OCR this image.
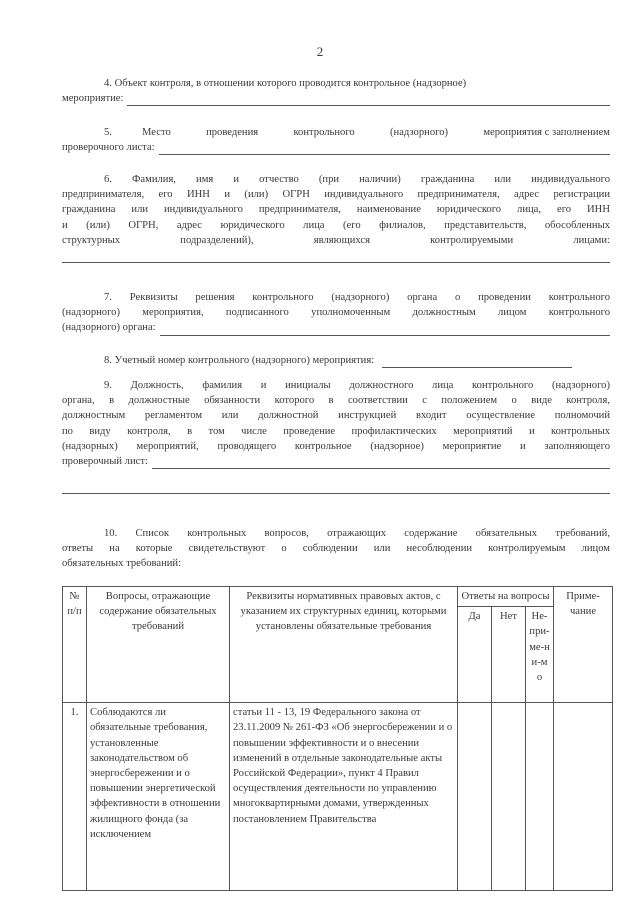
2
4. Объект контроля, в отношении которого проводится контрольное (надзорное)
мероприятие:
5.	Место	проведения	контрольного	(надзорного)	мероприятия с заполнением
проверочного листа:
6. Фамилия, имя и отчество (при наличии) гражданина или индивидуального
предпринимателя, его ИНН и (или) ОГРН индивидуального предпринимателя, адрес регистрации
гражданина или индивидуального предпринимателя, наименование юридического лица, его ИНН
и (или) ОГРН, адрес юридического лица (его филиалов, представительств, обособленных
структурных	подразделений),	являющихся	контролируемыми	лицами:
7. Реквизиты решения контрольного (надзорного) органа о проведении контрольного
(надзорного) мероприятия, подписанного уполномоченным должностным лицом контрольного
(надзорного) органа:
8. Учетный номер контрольного (надзорного) мероприятия:
9. Должность, фамилия и инициалы должностного лица контрольного (надзорного)
органа, в должностные обязанности которого в соответствии с положением о виде контроля,
должностным регламентом или должностной инструкцией входит осуществление полномочий
по виду контроля, в том числе проведение профилактических мероприятий и контрольных
(надзорных) мероприятий, проводящего контрольное (надзорное) мероприятие и заполняющего
проверочный лист:
10. Список контрольных вопросов, отражающих содержание обязательных требований,
ответы на которые свидетельствуют о соблюдении или несоблюдении контролируемым лицом
обязательных требований:
№ п/п	Вопросы, отражающие содержание обязательных требований	Реквизиты нормативных правовых актов, с указанием их структурных единиц, которыми установлены обязательные требования	Ответы на вопросы			Приме-чание
			Да	Нет	Не-при-ме-ни-мо	
1.	Соблюдаются ли обязательные требования, установленные законодательством об энергосбережении и о повышении энергетической эффективности в отношении жилищного фонда (за исключением	статьи 11 - 13, 19 Федерального закона от 23.11.2009 № 261-ФЗ «Об энергосбережении и о повышении эффективности и о внесении изменений в отдельные законодательные акты Российской Федерации», пункт 4 Правил осуществления деятельности по управлению многоквартирными домами, утвержденных постановлением Правительства				
